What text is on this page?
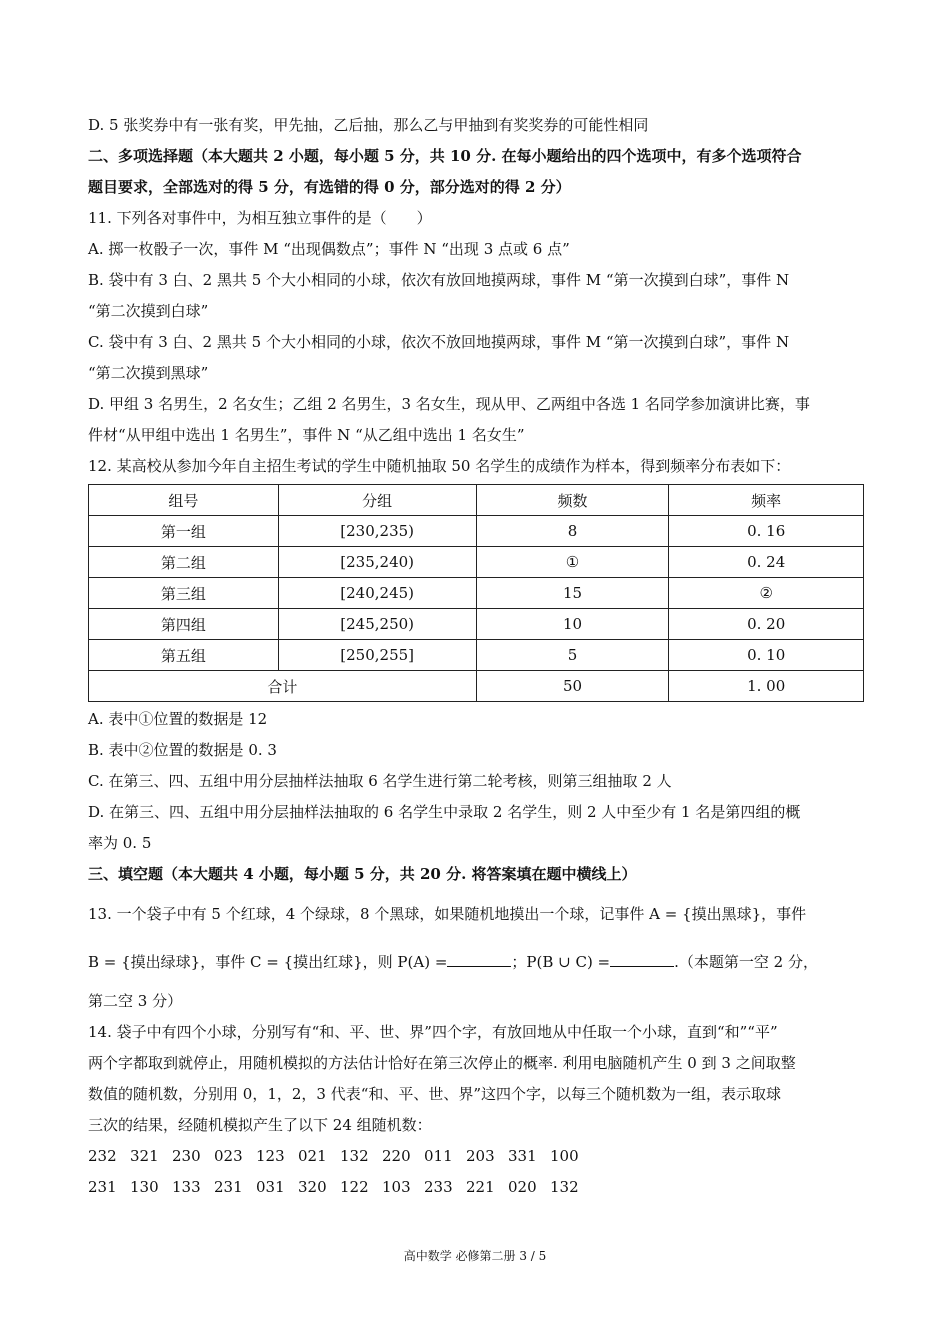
D. 5 张奖券中有一张有奖，甲先抽，乙后抽，那么乙与甲抽到有奖奖券的可能性相同
二、多项选择题（本大题共 2 小题，每小题 5 分，共 10 分. 在每小题给出的四个选项中，有多个选项符合
题目要求，全部选对的得 5 分，有选错的得 0 分，部分选对的得 2 分）
11. 下列各对事件中，为相互独立事件的是（　　）
A. 掷一枚骰子一次，事件 M “出现偶数点”；事件 N “出现 3 点或 6 点”
B. 袋中有 3 白、2 黑共 5 个大小相同的小球，依次有放回地摸两球，事件 M “第一次摸到白球”，事件 N
“第二次摸到白球”
C. 袋中有 3 白、2 黑共 5 个大小相同的小球，依次不放回地摸两球，事件 M “第一次摸到白球”，事件 N
“第二次摸到黑球”
D. 甲组 3 名男生，2 名女生；乙组 2 名男生，3 名女生，现从甲、乙两组中各选 1 名同学参加演讲比赛，事
件材“从甲组中选出 1 名男生”，事件 N “从乙组中选出 1 名女生”
12. 某高校从参加今年自主招生考试的学生中随机抽取 50 名学生的成绩作为样本，得到频率分布表如下：
组号	分组	频数	频率
第一组	[230,235)	8	0. 16
第二组	[235,240)	①	0. 24
第三组	[240,245)	15	②
第四组	[245,250)	10	0. 20
第五组	[250,255]	5	0. 10
合计		50	1. 00
A. 表中①位置的数据是 12
B. 表中②位置的数据是 0. 3
C. 在第三、四、五组中用分层抽样法抽取 6 名学生进行第二轮考核，则第三组抽取 2 人
D. 在第三、四、五组中用分层抽样法抽取的 6 名学生中录取 2 名学生，则 2 人中至少有 1 名是第四组的概
率为 0. 5
三、填空题（本大题共 4 小题，每小题 5 分，共 20 分. 将答案填在题中横线上）
13. 一个袋子中有 5 个红球，4 个绿球，8 个黑球，如果随机地摸出一个球，记事件 A = {摸出黑球}，事件
B = {摸出绿球}，事件 C = {摸出红球}，则 P(A) =	；P(B ∪ C) =	.（本题第一空 2 分，
第二空 3 分）
14. 袋子中有四个小球，分别写有“和、平、世、界”四个字，有放回地从中任取一个小球，直到“和”“平”
两个字都取到就停止，用随机模拟的方法估计恰好在第三次停止的概率. 利用电脑随机产生 0 到 3 之间取整
数值的随机数，分别用 0，1，2，3 代表“和、平、世、界”这四个字，以每三个随机数为一组，表示取球
三次的结果，经随机模拟产生了以下 24 组随机数：
232 321 230 023 123 021 132 220 011 203 331 100
231 130 133 231 031 320 122 103 233 221 020 132
高中数学 必修第二册 3 / 5
